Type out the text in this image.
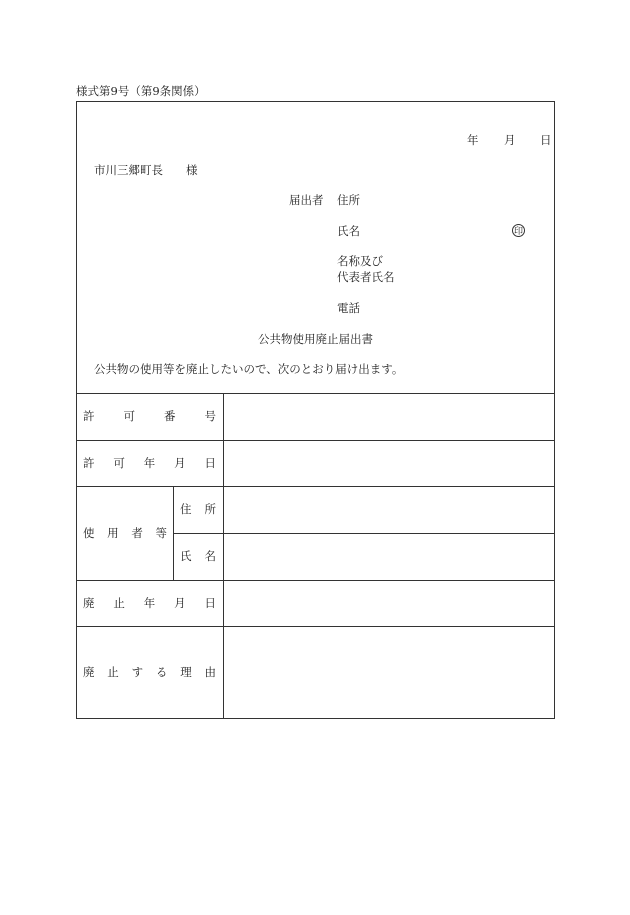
様式第9号（第9条関係）
年 月 日
市川三郷町長　　様
届出者 住所
氏名	印
名称及び
代表者氏名
電話
公共物使用廃止届出書
公共物の使用等を廃止したいので、次のとおり届け出ます。
許	可	番	号
許 可 年 月 日
使 用 者 等
住 所
氏 名
廃 止 年 月 日
廃 止 す る 理 由
